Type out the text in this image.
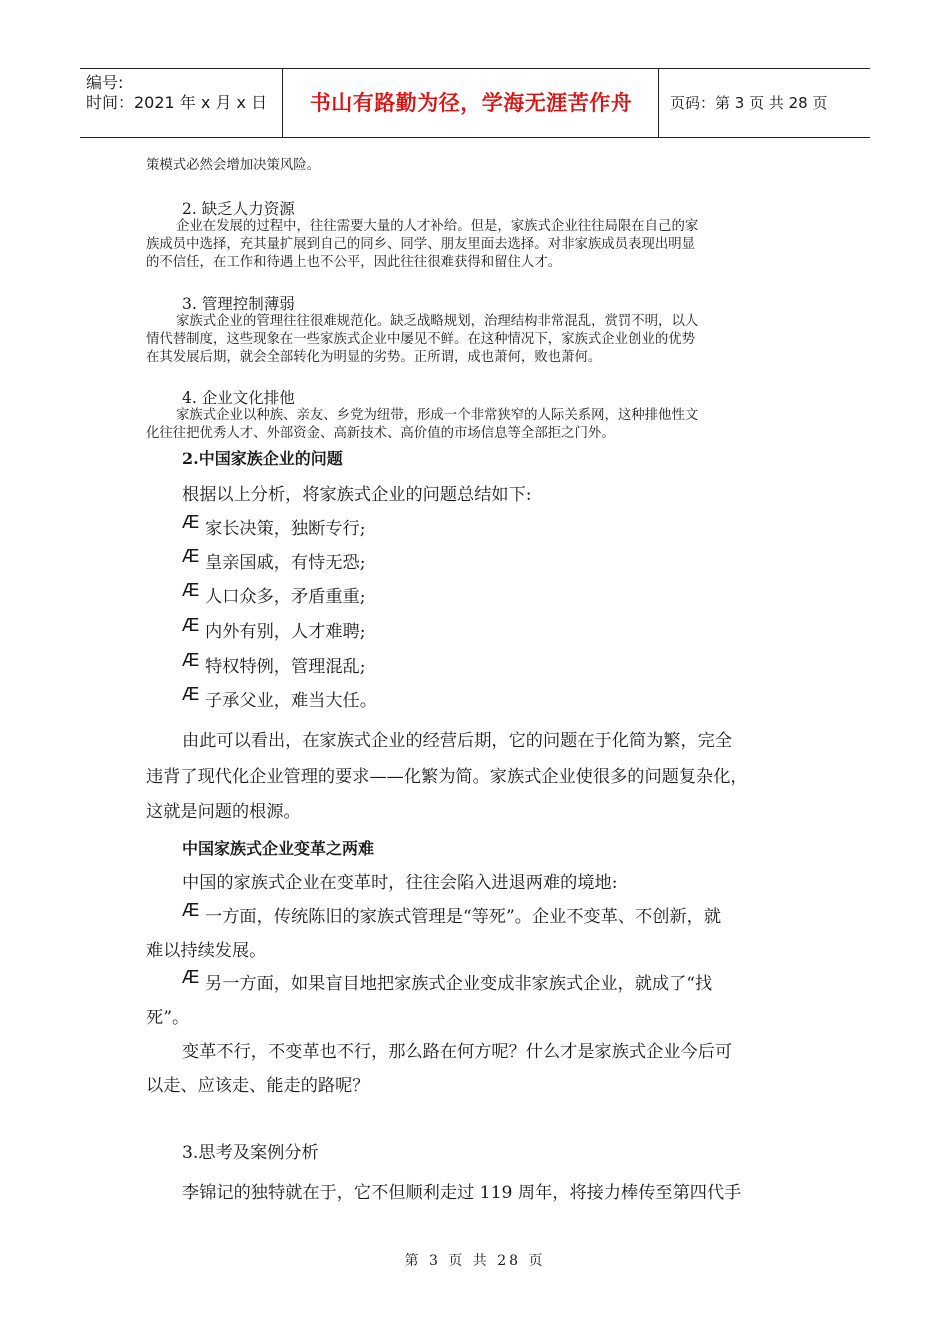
编号:
时间：2021 年 x 月 x 日	书山有路勤为径，学海无涯苦作舟	页码：第 3 页 共 28 页

策模式必然会增加决策风险。

2. 缺乏人力资源

企业在发展的过程中，往往需要大量的人才补给。但是，家族式企业往往局限在自己的家

族成员中选择，充其量扩展到自己的同乡、同学、朋友里面去选择。对非家族成员表现出明显

的不信任，在工作和待遇上也不公平，因此往往很难获得和留住人才。

3. 管理控制薄弱

家族式企业的管理往往很难规范化。缺乏战略规划，治理结构非常混乱，赏罚不明，以人

情代替制度，这些现象在一些家族式企业中屡见不鲜。在这种情况下，家族式企业创业的优势

在其发展后期，就会全部转化为明显的劣势。正所谓，成也萧何，败也萧何。

4. 企业文化排他

家族式企业以种族、亲友、乡党为纽带，形成一个非常狭窄的人际关系网，这种排他性文

化往往把优秀人才、外部资金、高新技术、高价值的市场信息等全部拒之门外。

2.中国家族企业的问题

根据以上分析，将家族式企业的问题总结如下:

Æ 家长决策，独断专行;

Æ 皇亲国戚，有恃无恐;

Æ 人口众多，矛盾重重;

Æ 内外有别，人才难聘;

Æ 特权特例，管理混乱;

Æ 子承父业，难当大任。

由此可以看出，在家族式企业的经营后期，它的问题在于化简为繁，完全

违背了现代化企业管理的要求——化繁为简。家族式企业使很多的问题复杂化，

这就是问题的根源。

中国家族式企业变革之两难

中国的家族式企业在变革时，往往会陷入进退两难的境地:

Æ 一方面，传统陈旧的家族式管理是“等死”。企业不变革、不创新，就

难以持续发展。

Æ 另一方面，如果盲目地把家族式企业变成非家族式企业，就成了“找

死”。

变革不行，不变革也不行，那么路在何方呢？什么才是家族式企业今后可

以走、应该走、能走的路呢？

3.思考及案例分析

李锦记的独特就在于，它不但顺利走过 119 周年，将接力棒传至第四代手

第 3 页 共 28 页
